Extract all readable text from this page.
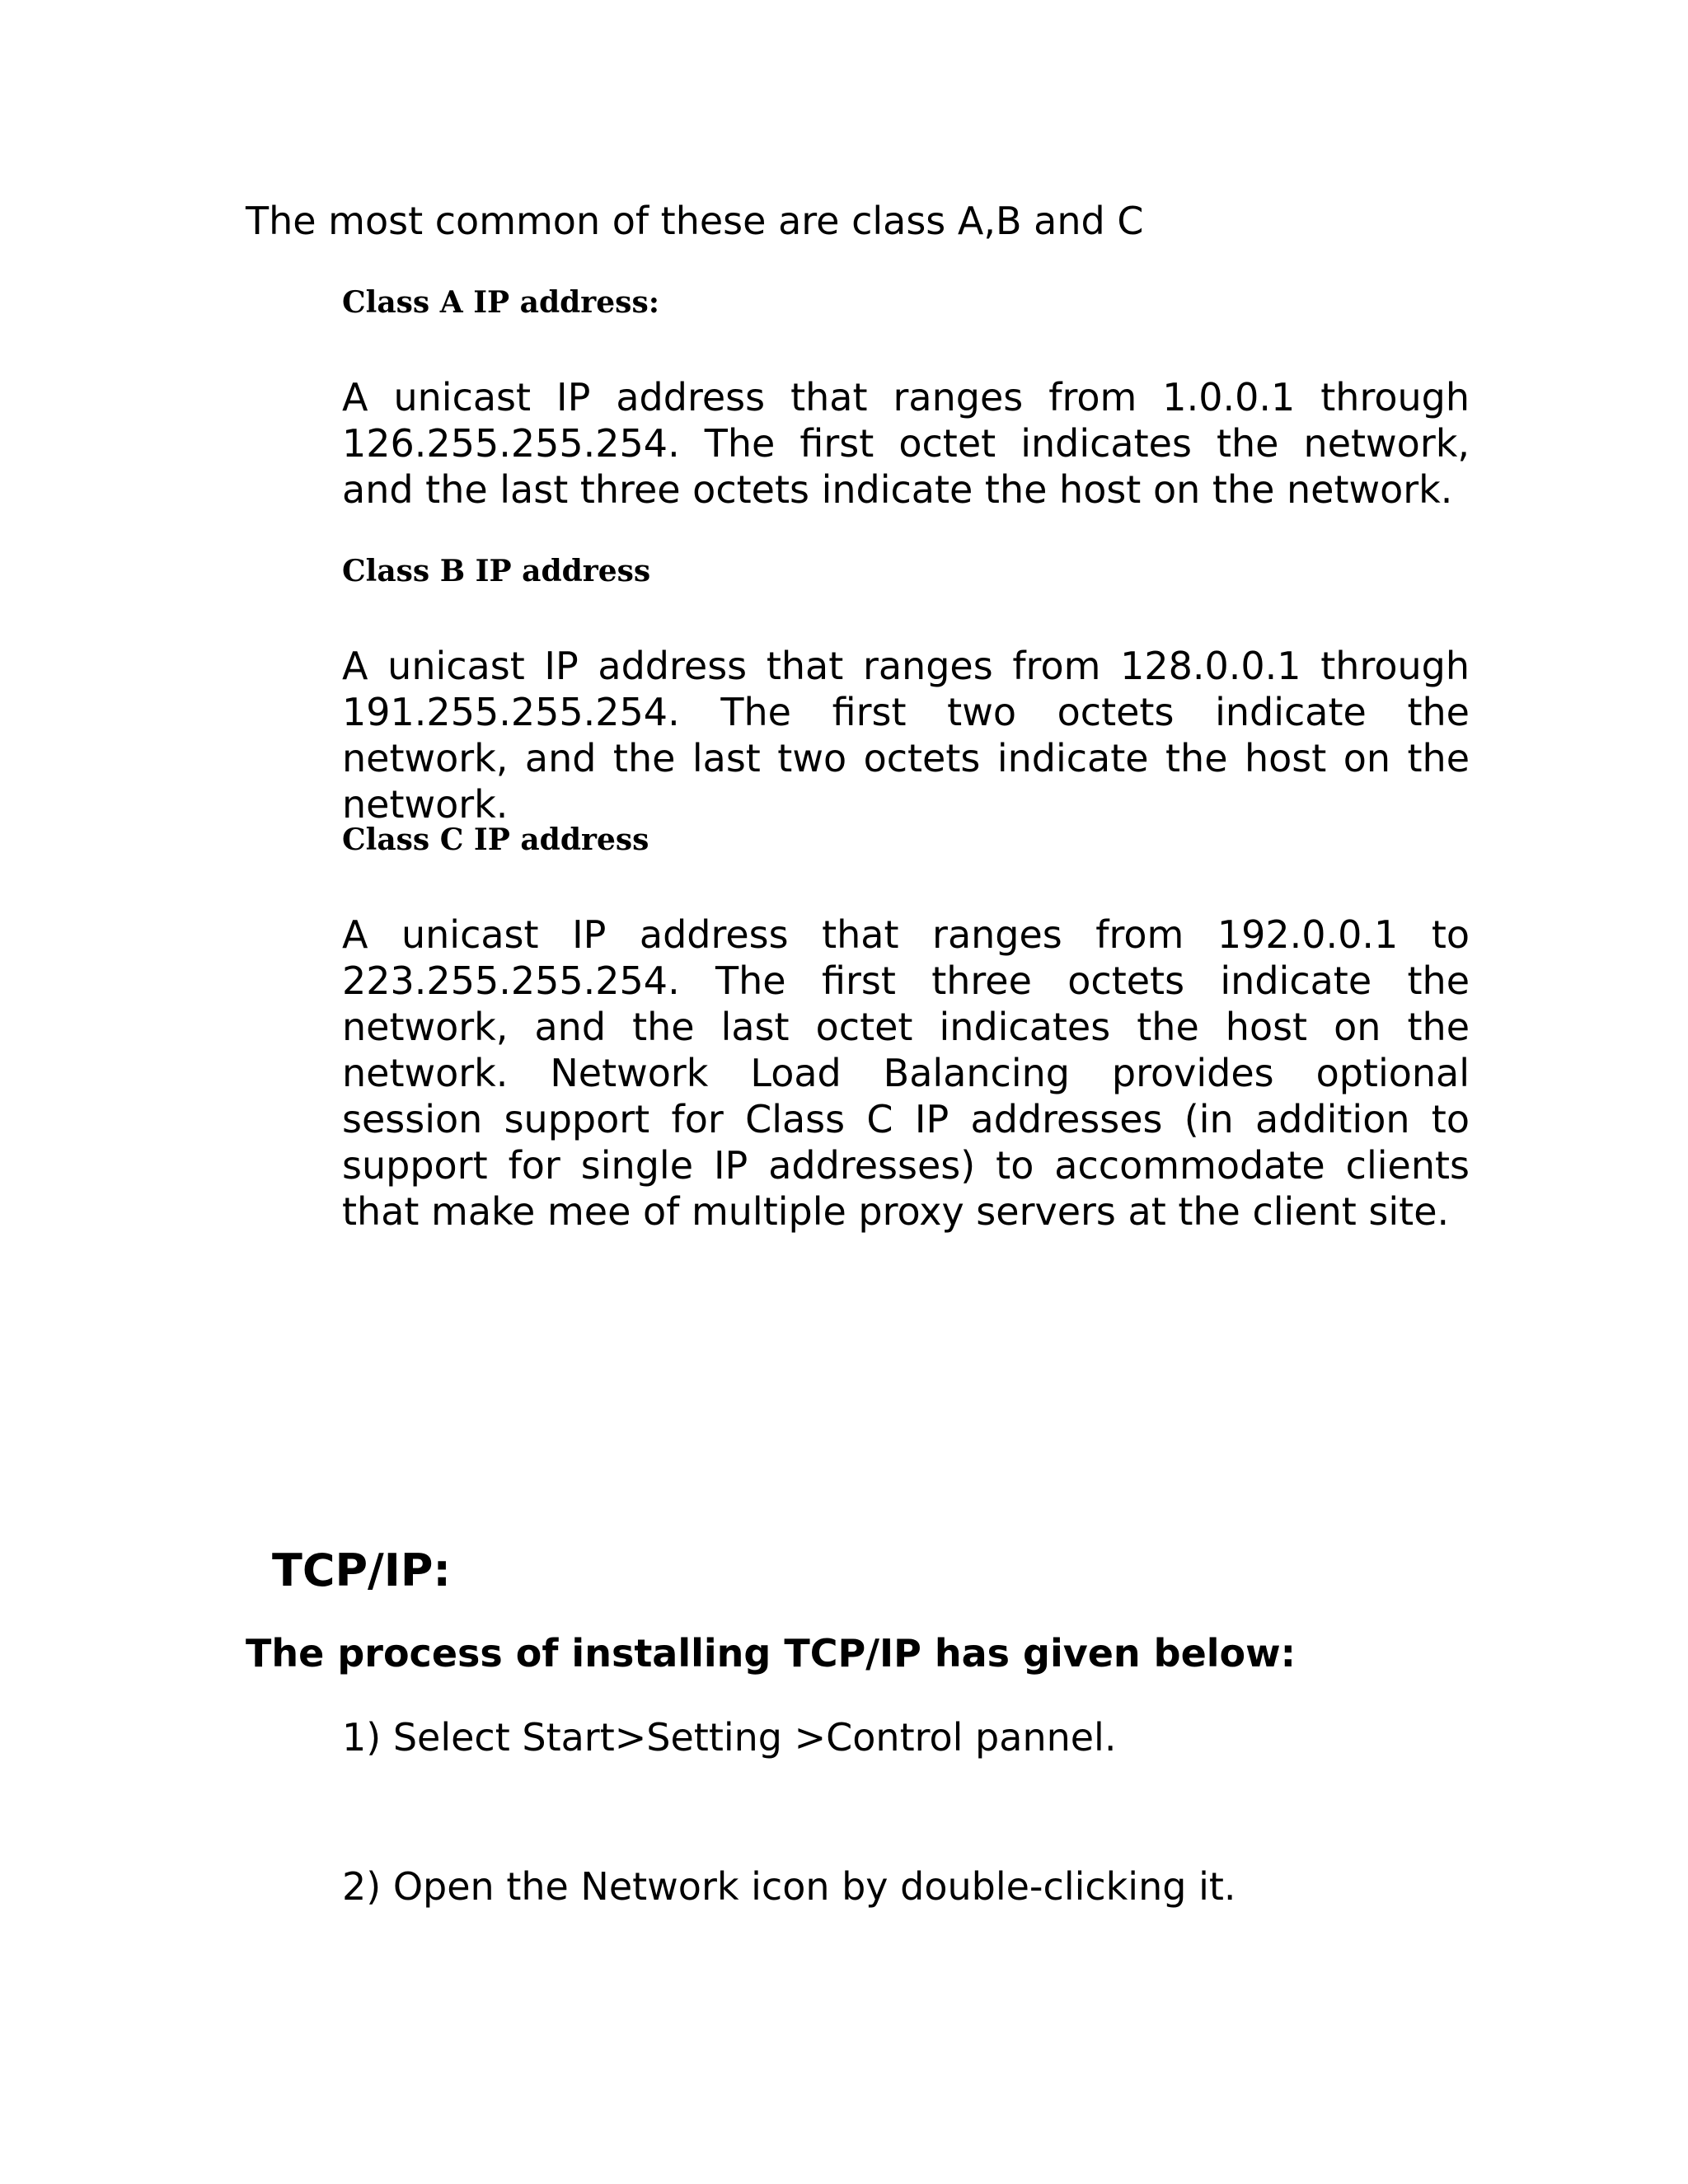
The most common of these are class A,B and C

Class A IP address:

A unicast IP address that ranges from 1.0.0.1 through 126.255.255.254. The first octet indicates the network, and the last three octets indicate the host on the network.

Class B IP address

A unicast IP address that ranges from 128.0.0.1 through 191.255.255.254. The first two octets indicate the network, and the last two octets indicate the host on the network.

Class C IP address

A unicast IP address that ranges from 192.0.0.1 to 223.255.255.254. The first three octets indicate the network, and the last octet indicates the host on the network. Network Load Balancing provides optional session support for Class C IP addresses (in addition to support for single IP addresses) to accommodate clients that make mee of multiple proxy servers at the client site.

TCP/IP:
The process of installing TCP/IP has given below:

1) Select Start>Setting >Control pannel.

2) Open the Network icon by double-clicking it.
